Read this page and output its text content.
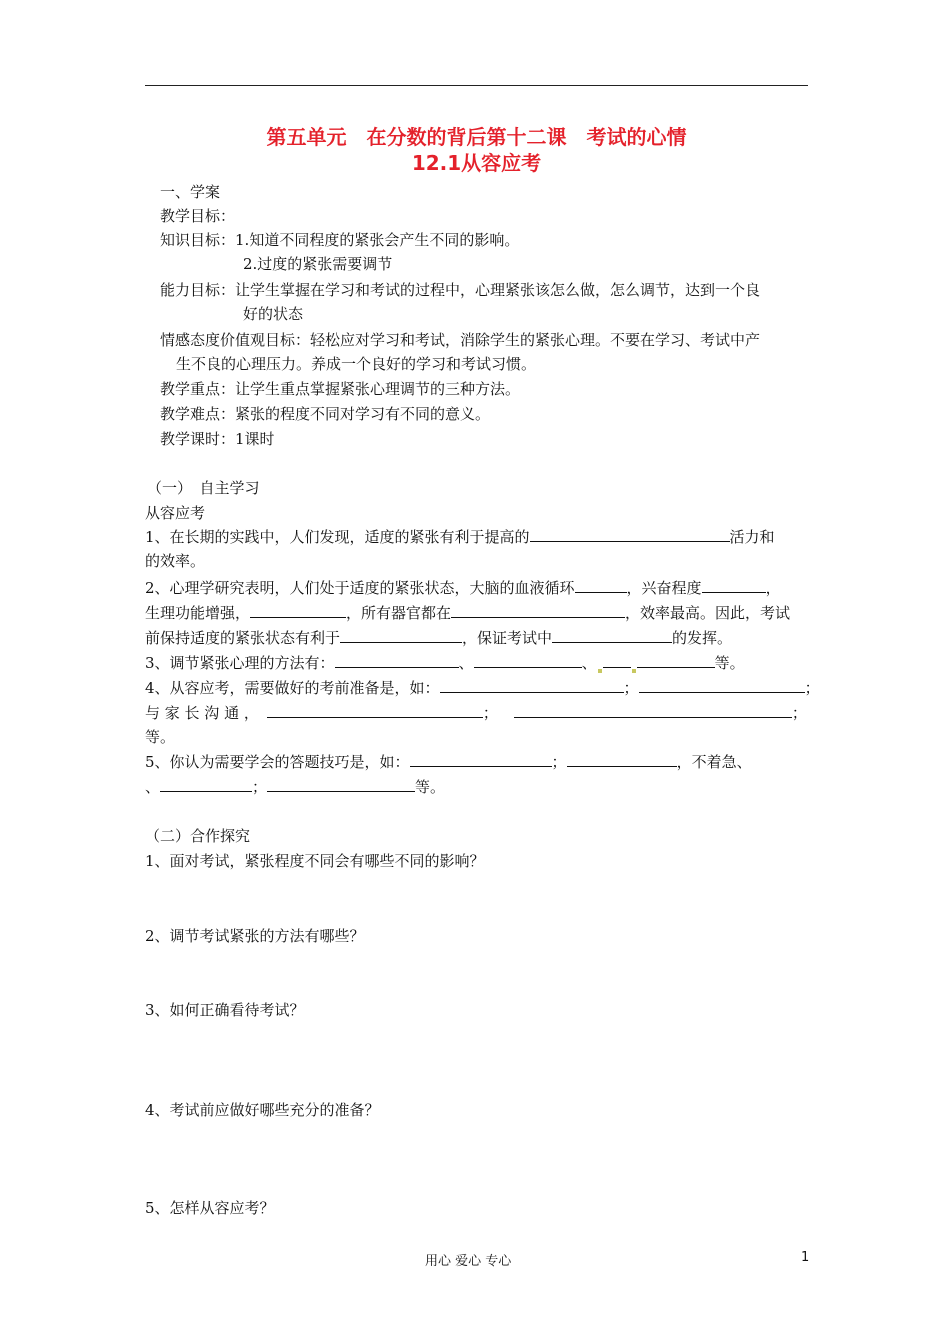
第五单元　在分数的背后第十二课　考试的心情
12.1从容应考
一、学案
教学目标：
知识目标：1.知道不同程度的紧张会产生不同的影响。
2.过度的紧张需要调节
能力目标：让学生掌握在学习和考试的过程中，心理紧张该怎么做，怎么调节，达到一个良
好的状态
情感态度价值观目标：轻松应对学习和考试，消除学生的紧张心理。不要在学习、考试中产
生不良的心理压力。养成一个良好的学习和考试习惯。
教学重点：让学生重点掌握紧张心理调节的三种方法。
教学难点：紧张的程度不同对学习有不同的意义。
教学课时：1课时
（一）　自主学习
从容应考
1、在长期的实践中，人们发现，适度的紧张有利于提高的	活力和
的效率。
2、心理学研究表明，人们处于适度的紧张状态，大脑的血液循环	，兴奋程度	，
生理功能增强，	，所有器官都在	，效率最高。因此，考试
前保持适度的紧张状态有利于	，保证考试中	的发挥。
3、调节紧张心理的方法有：	、	、	等。
4、从容应考，需要做好的考前准备是，如：	；	；
与 家 长 沟 通 ，	；	；
等。
5、你认为需要学会的答题技巧是，如：	；	，不着急、
、	；	等。
（二）合作探究
1、面对考试，紧张程度不同会有哪些不同的影响？
2、调节考试紧张的方法有哪些？
3、如何正确看待考试？
4、考试前应做好哪些充分的准备？
5、怎样从容应考？
用心 爱心 专心	1
